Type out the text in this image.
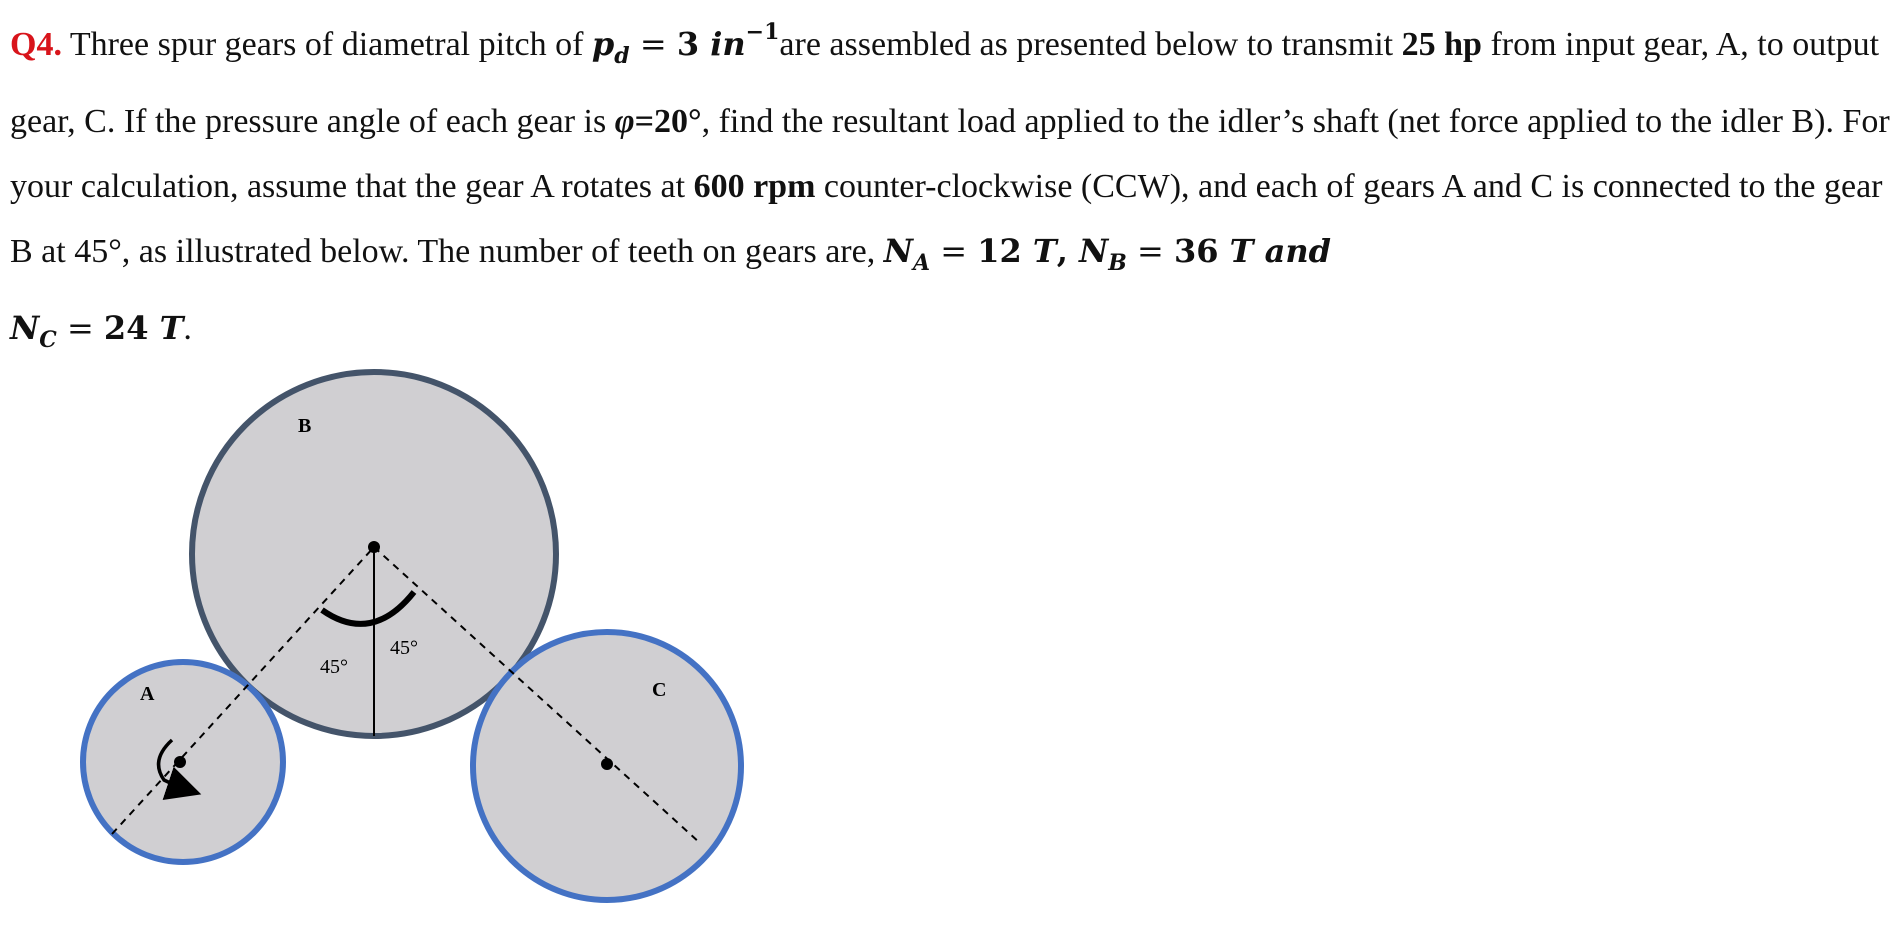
Q4. Three spur gears of diametral pitch of $p_d = 3$ $in^{-1}are$ assembled as presented below to transmit 25 hp from input gear, A, to output gear, C. If the pressure angle of each gear is φ=20°, find the resultant load applied to the idler’s shaft (net force applied to the idler B). For your calculation, assume that the gear A rotates at 600 rpm counter-clockwise (CCW), and each of gears A and C is connected to the gear B at 45°, as illustrated below. The number of teeth on gears are, $N_A = 12$ T, $N_B = 36$ T and
$N_C = 24$ T.
B
A	C
45°
45°
